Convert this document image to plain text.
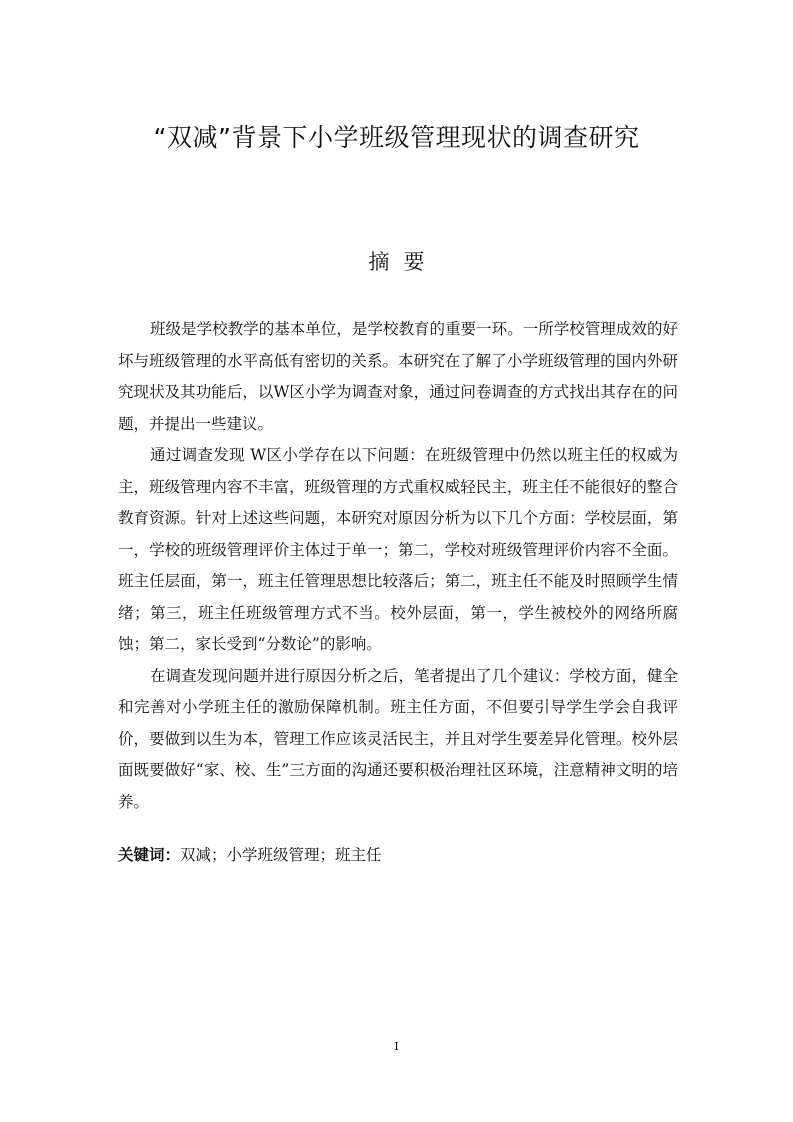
“双减”背景下小学班级管理现状的调查研究
摘要

班级是学校教学的基本单位，是学校教育的重要一环。一所学校管理成效的好坏与班级管理的水平高低有密切的关系。本研究在了解了小学班级管理的国内外研究现状及其功能后，以W区小学为调查对象，通过问卷调查的方式找出其存在的问题，并提出一些建议。

通过调查发现 W区小学存在以下问题：在班级管理中仍然以班主任的权威为主，班级管理内容不丰富，班级管理的方式重权威轻民主，班主任不能很好的整合教育资源。针对上述这些问题，本研究对原因分析为以下几个方面：学校层面，第一，学校的班级管理评价主体过于单一；第二，学校对班级管理评价内容不全面。班主任层面，第一，班主任管理思想比较落后；第二，班主任不能及时照顾学生情绪；第三，班主任班级管理方式不当。校外层面，第一，学生被校外的网络所腐蚀；第二，家长受到“分数论”的影响。

在调查发现问题并进行原因分析之后，笔者提出了几个建议：学校方面，健全和完善对小学班主任的激励保障机制。班主任方面，不但要引导学生学会自我评价，要做到以生为本，管理工作应该灵活民主，并且对学生要差异化管理。校外层面既要做好“家、校、生”三方面的沟通还要积极治理社区环境，注意精神文明的培养。

关键词：双减；小学班级管理；班主任

I
